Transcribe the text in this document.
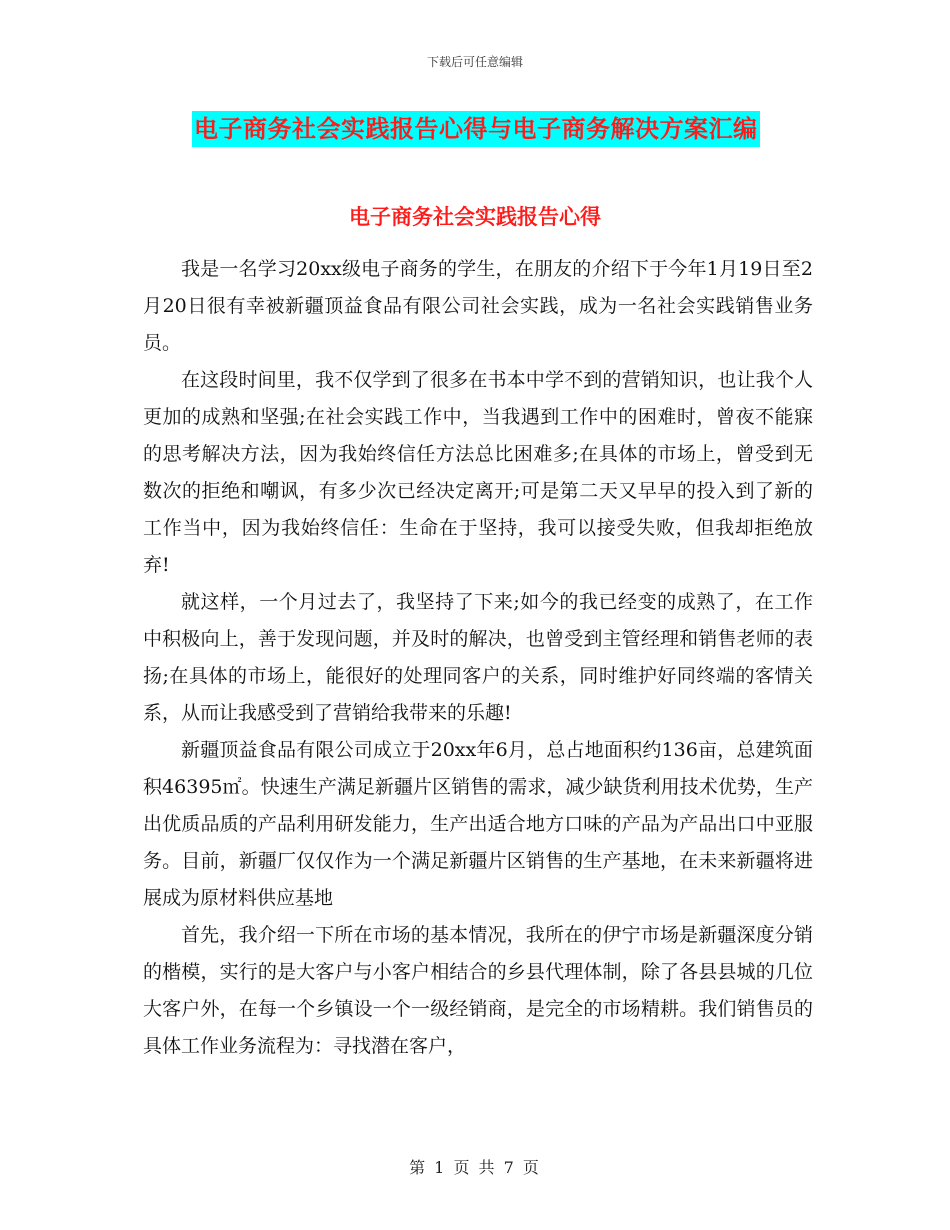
下载后可任意编辑
电子商务社会实践报告心得与电子商务解决方案汇编
电子商务社会实践报告心得

我是一名学习20xx级电子商务的学生，在朋友的介绍下于今年1月19日至2月20日很有幸被新疆顶益食品有限公司社会实践，成为一名社会实践销售业务员。

在这段时间里，我不仅学到了很多在书本中学不到的营销知识，也让我个人更加的成熟和坚强;在社会实践工作中，当我遇到工作中的困难时，曾夜不能寐的思考解决方法，因为我始终信任方法总比困难多;在具体的市场上，曾受到无数次的拒绝和嘲讽，有多少次已经决定离开;可是第二天又早早的投入到了新的工作当中，因为我始终信任：生命在于坚持，我可以接受失败，但我却拒绝放弃!

就这样，一个月过去了，我坚持了下来;如今的我已经变的成熟了，在工作中积极向上，善于发现问题，并及时的解决，也曾受到主管经理和销售老师的表扬;在具体的市场上，能很好的处理同客户的关系，同时维护好同终端的客情关系，从而让我感受到了营销给我带来的乐趣!

新疆顶益食品有限公司成立于20xx年6月，总占地面积约136亩，总建筑面积46395㎡。快速生产满足新疆片区销售的需求，减少缺货利用技术优势，生产出优质品质的产品利用研发能力，生产出适合地方口味的产品为产品出口中亚服务。目前，新疆厂仅仅作为一个满足新疆片区销售的生产基地，在未来新疆将进展成为原材料供应基地

首先，我介绍一下所在市场的基本情况，我所在的伊宁市场是新疆深度分销的楷模，实行的是大客户与小客户相结合的乡县代理体制，除了各县县城的几位大客户外，在每一个乡镇设一个一级经销商，是完全的市场精耕。我们销售员的具体工作业务流程为：寻找潜在客户，

第 1 页 共 7 页
